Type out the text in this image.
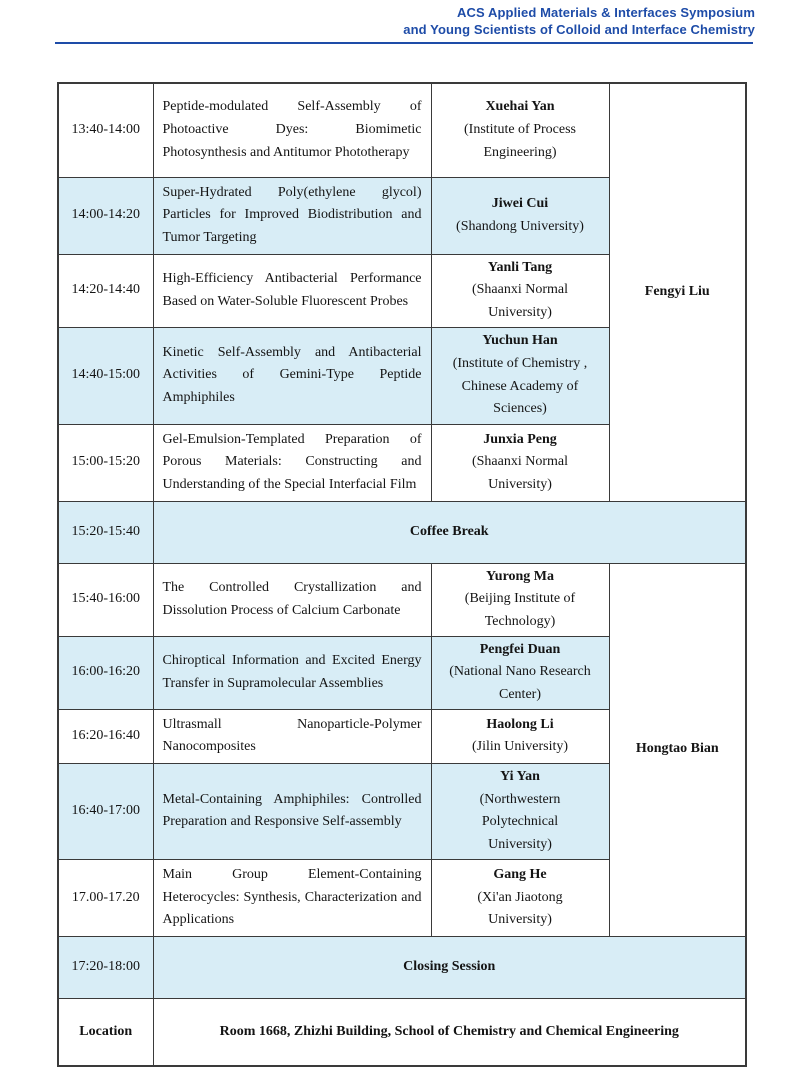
ACS Applied Materials & Interfaces Symposium
and Young Scientists of Colloid and Interface Chemistry
13:40-14:00	Peptide-modulated Self-Assembly of Photoactive Dyes: Biomimetic Photosynthesis and Antitumor Phototherapy	Xuehai Yan
(Institute of Process Engineering)	Fengyi Liu
14:00-14:20	Super-Hydrated Poly(ethylene glycol) Particles for Improved Biodistribution and Tumor Targeting	Jiwei Cui
(Shandong University)	

14:20-14:40	High-Efficiency Antibacterial Performance Based on Water-Soluble Fluorescent Probes	Yanli Tang
(Shaanxi Normal University)	

14:40-15:00	Kinetic Self-Assembly and Antibacterial Activities of Gemini-Type Peptide Amphiphiles	Yuchun Han
(Institute of Chemistry , Chinese Academy of Sciences)	

15:00-15:20	Gel-Emulsion-Templated Preparation of Porous Materials: Constructing and Understanding of the Special Interfacial Film	Junxia Peng
(Shaanxi Normal University)	

15:20-15:40	Coffee Break		
15:40-16:00	The Controlled Crystallization and Dissolution Process of Calcium Carbonate	Yurong Ma
(Beijing Institute of Technology)	Hongtao Bian
16:00-16:20	Chiroptical Information and Excited Energy Transfer in Supramolecular Assemblies	Pengfei Duan
(National Nano Research Center)	

16:20-16:40	Ultrasmall Nanoparticle-Polymer Nanocomposites	Haolong Li
(Jilin University)	

16:40-17:00	Metal-Containing Amphiphiles: Controlled Preparation and Responsive Self-assembly	Yi Yan
(Northwestern Polytechnical University)	

17.00-17.20	Main Group Element-Containing Heterocycles: Synthesis, Characterization and Applications	Gang He
(Xi'an Jiaotong University)	

17:20-18:00	Closing Session		
Location	Room 1668, Zhizhi Building, School of Chemistry and Chemical Engineering		
